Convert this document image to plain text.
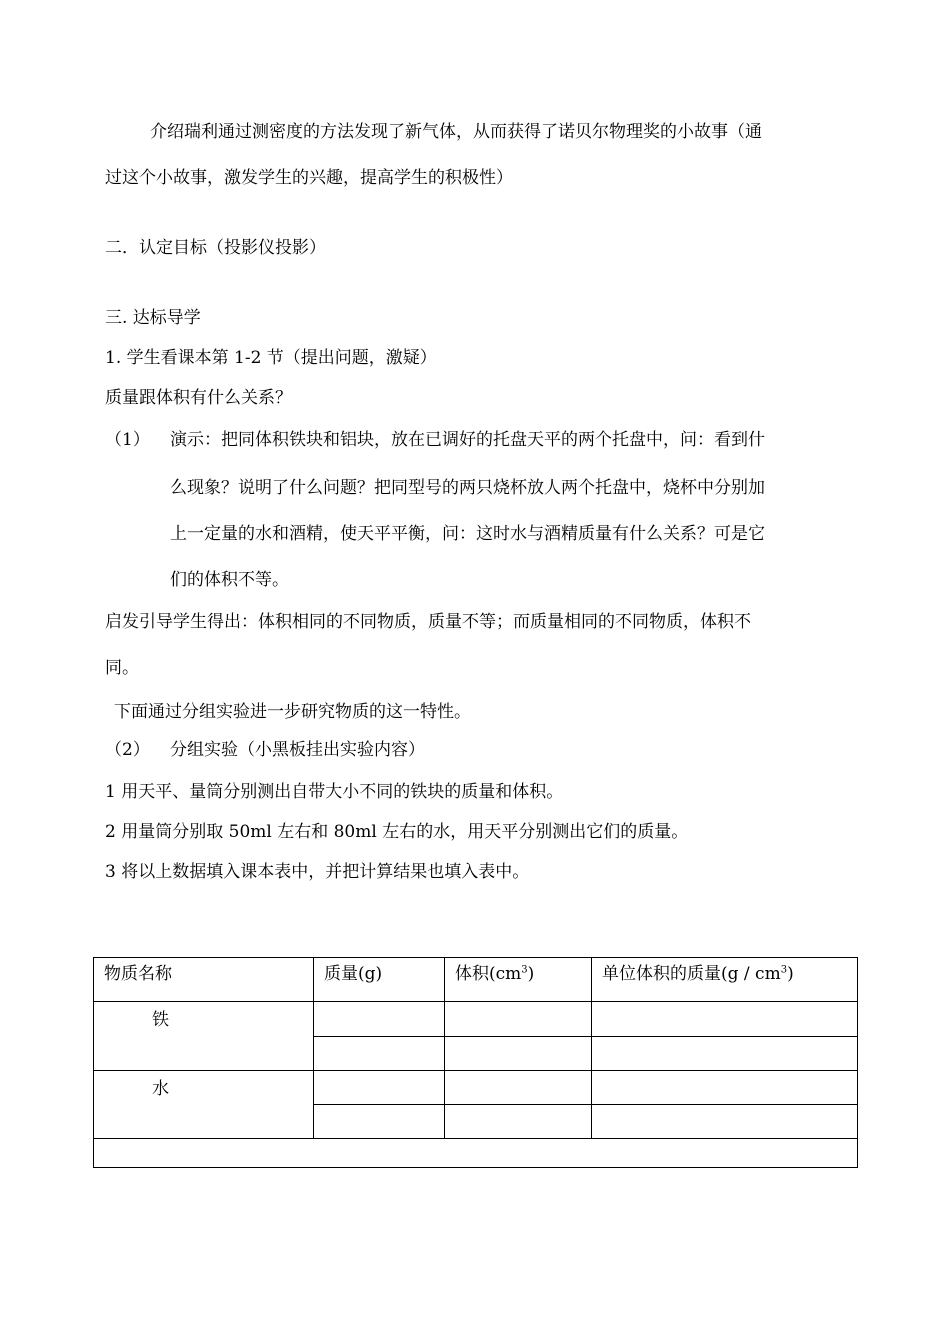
介绍瑞利通过测密度的方法发现了新气体，从而获得了诺贝尔物理奖的小故事（通
过这个小故事，激发学生的兴趣，提高学生的积极性）
二．认定目标（投影仪投影）
三. 达标导学
1. 学生看课本第 1-2 节（提出问题，激疑）
质量跟体积有什么关系？
（1） 演示：把同体积铁块和铝块，放在已调好的托盘天平的两个托盘中，问：看到什
么现象？说明了什么问题？把同型号的两只烧杯放人两个托盘中，烧杯中分别加
上一定量的水和酒精，使天平平衡，问：这时水与酒精质量有什么关系？可是它
们的体积不等。
启发引导学生得出：体积相同的不同物质，质量不等；而质量相同的不同物质，体积不
同。
下面通过分组实验进一步研究物质的这一特性。
（2） 分组实验（小黑板挂出实验内容）
1 用天平、量筒分别测出自带大小不同的铁块的质量和体积。
2 用量筒分别取 50ml 左右和 80ml 左右的水，用天平分别测出它们的质量。
3 将以上数据填入课本表中，并把计算结果也填入表中。
物质名称	质量(g)	体积$(cm^3)$	单位体积的质量$(g / cm^3)$

铁			

水			
